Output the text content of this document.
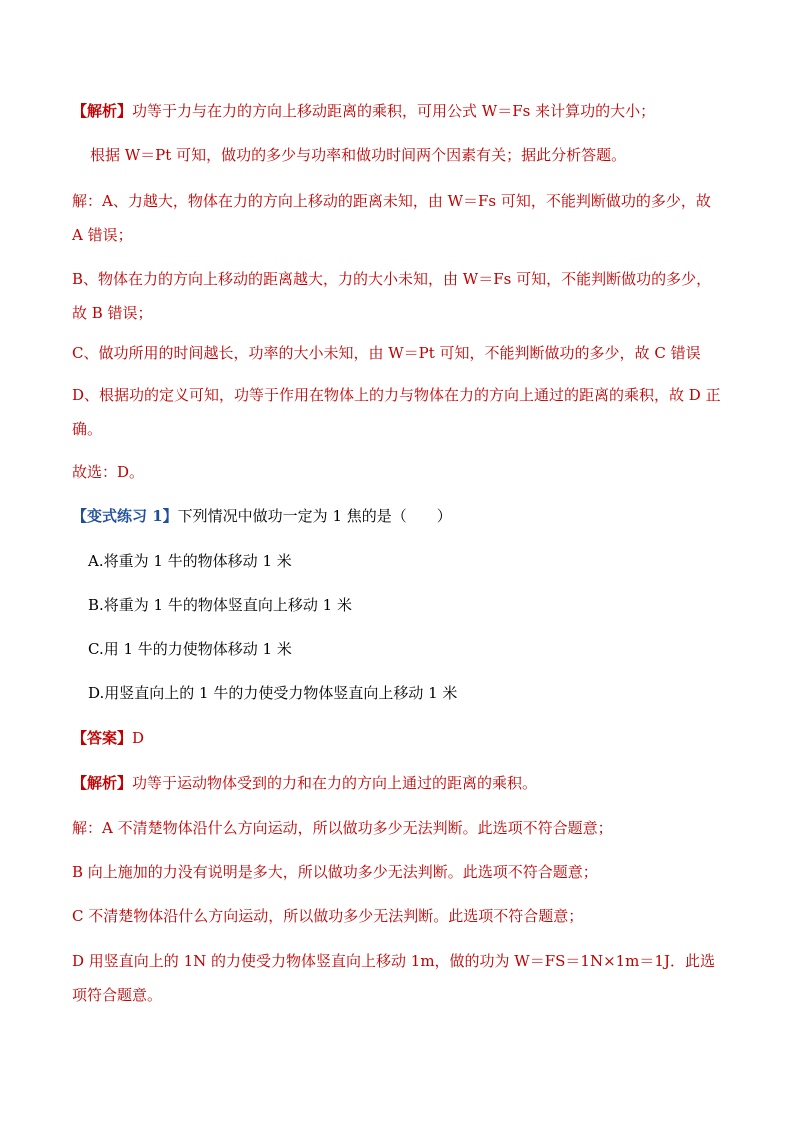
【解析】功等于力与在力的方向上移动距离的乘积，可用公式 W＝Fs 来计算功的大小；

根据 W＝Pt 可知，做功的多少与功率和做功时间两个因素有关；据此分析答题。

解：A、力越大，物体在力的方向上移动的距离未知，由 W＝Fs 可知，不能判断做功的多少，故 A 错误；

B、物体在力的方向上移动的距离越大，力的大小未知，由 W＝Fs 可知，不能判断做功的多少，故 B 错误；

C、做功所用的时间越长，功率的大小未知，由 W＝Pt 可知，不能判断做功的多少，故 C 错误

D、根据功的定义可知，功等于作用在物体上的力与物体在力的方向上通过的距离的乘积，故 D 正确。

故选：D。

【变式练习 1】下列情况中做功一定为 1 焦的是（　　）

A.将重为 1 牛的物体移动 1 米

B.将重为 1 牛的物体竖直向上移动 1 米

C.用 1 牛的力使物体移动 1 米

D.用竖直向上的 1 牛的力使受力物体竖直向上移动 1 米

【答案】D

【解析】功等于运动物体受到的力和在力的方向上通过的距离的乘积。

解：A 不清楚物体沿什么方向运动，所以做功多少无法判断。此选项不符合题意；

B 向上施加的力没有说明是多大，所以做功多少无法判断。此选项不符合题意；

C 不清楚物体沿什么方向运动，所以做功多少无法判断。此选项不符合题意；

D 用竖直向上的 1N 的力使受力物体竖直向上移动 1m，做的功为 W＝FS＝1N×1m＝1J．此选项符合题意。
